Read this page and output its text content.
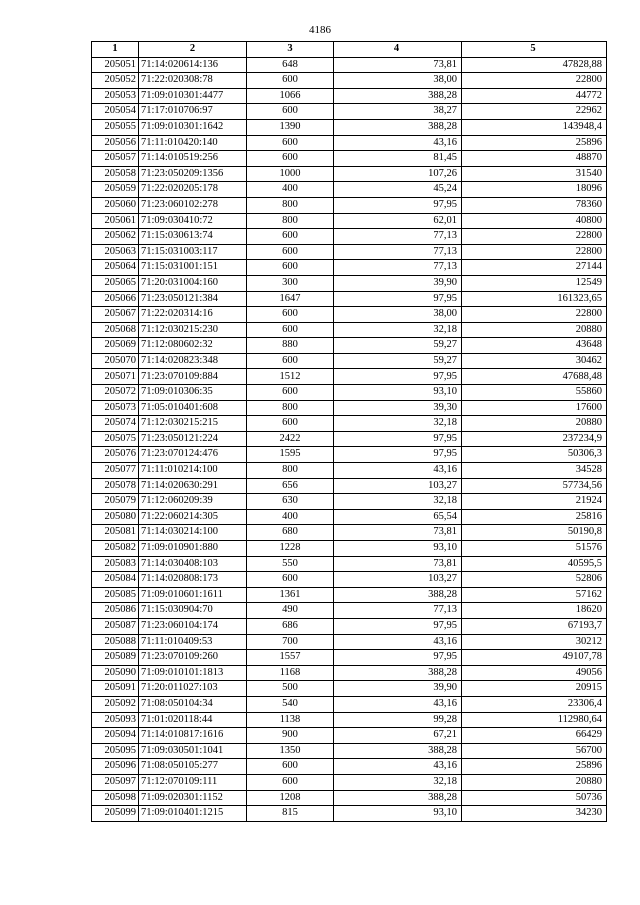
4186
1	2	3	4	5
205051	71:14:020614:136	648	73,81	47828,88
205052	71:22:020308:78	600	38,00	22800
205053	71:09:010301:4477	1066	388,28	44772
205054	71:17:010706:97	600	38,27	22962
205055	71:09:010301:1642	1390	388,28	143948,4
205056	71:11:010420:140	600	43,16	25896
205057	71:14:010519:256	600	81,45	48870
205058	71:23:050209:1356	1000	107,26	31540
205059	71:22:020205:178	400	45,24	18096
205060	71:23:060102:278	800	97,95	78360
205061	71:09:030410:72	800	62,01	40800
205062	71:15:030613:74	600	77,13	22800
205063	71:15:031003:117	600	77,13	22800
205064	71:15:031001:151	600	77,13	27144
205065	71:20:031004:160	300	39,90	12549
205066	71:23:050121:384	1647	97,95	161323,65
205067	71:22:020314:16	600	38,00	22800
205068	71:12:030215:230	600	32,18	20880
205069	71:12:080602:32	880	59,27	43648
205070	71:14:020823:348	600	59,27	30462
205071	71:23:070109:884	1512	97,95	47688,48
205072	71:09:010306:35	600	93,10	55860
205073	71:05:010401:608	800	39,30	17600
205074	71:12:030215:215	600	32,18	20880
205075	71:23:050121:224	2422	97,95	237234,9
205076	71:23:070124:476	1595	97,95	50306,3
205077	71:11:010214:100	800	43,16	34528
205078	71:14:020630:291	656	103,27	57734,56
205079	71:12:060209:39	630	32,18	21924
205080	71:22:060214:305	400	65,54	25816
205081	71:14:030214:100	680	73,81	50190,8
205082	71:09:010901:880	1228	93,10	51576
205083	71:14:030408:103	550	73,81	40595,5
205084	71:14:020808:173	600	103,27	52806
205085	71:09:010601:1611	1361	388,28	57162
205086	71:15:030904:70	490	77,13	18620
205087	71:23:060104:174	686	97,95	67193,7
205088	71:11:010409:53	700	43,16	30212
205089	71:23:070109:260	1557	97,95	49107,78
205090	71:09:010101:1813	1168	388,28	49056
205091	71:20:011027:103	500	39,90	20915
205092	71:08:050104:34	540	43,16	23306,4
205093	71:01:020118:44	1138	99,28	112980,64
205094	71:14:010817:1616	900	67,21	66429
205095	71:09:030501:1041	1350	388,28	56700
205096	71:08:050105:277	600	43,16	25896
205097	71:12:070109:111	600	32,18	20880
205098	71:09:020301:1152	1208	388,28	50736
205099	71:09:010401:1215	815	93,10	34230
